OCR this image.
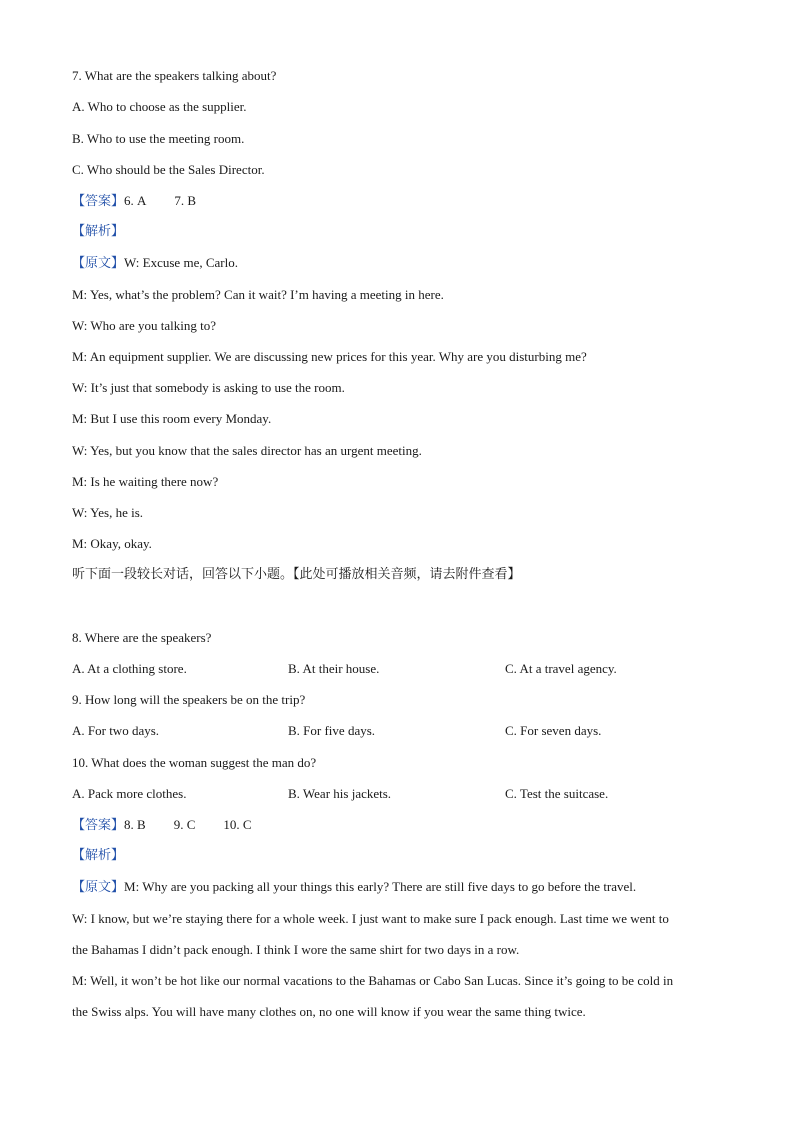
7. What are the speakers talking about?
A. Who to choose as the supplier.
B. Who to use the meeting room.
C. Who should be the Sales Director.
【答案】6. A 7. B
【解析】
【原文】W: Excuse me, Carlo.
M: Yes, what’s the problem? Can it wait? I’m having a meeting in here.
W: Who are you talking to?
M: An equipment supplier. We are discussing new prices for this year. Why are you disturbing me?
W: It’s just that somebody is asking to use the room.
M: But I use this room every Monday.
W: Yes, but you know that the sales director has an urgent meeting.
M: Is he waiting there now?
W: Yes, he is.
M: Okay, okay.
听下面一段较长对话，回答以下小题。【此处可播放相关音频，请去附件查看】
8. Where are the speakers?
A. At a clothing store.	B. At their house.	C. At a travel agency.
9. How long will the speakers be on the trip?
A. For two days.	B. For five days.	C. For seven days.
10. What does the woman suggest the man do?
A. Pack more clothes.	B. Wear his jackets.	C. Test the suitcase.
【答案】8. B 9. C 10. C
【解析】
【原文】M: Why are you packing all your things this early? There are still five days to go before the travel.
W: I know, but we’re staying there for a whole week. I just want to make sure I pack enough. Last time we went to
the Bahamas I didn’t pack enough. I think I wore the same shirt for two days in a row.
M: Well, it won’t be hot like our normal vacations to the Bahamas or Cabo San Lucas. Since it’s going to be cold in
the Swiss alps. You will have many clothes on, no one will know if you wear the same thing twice.
